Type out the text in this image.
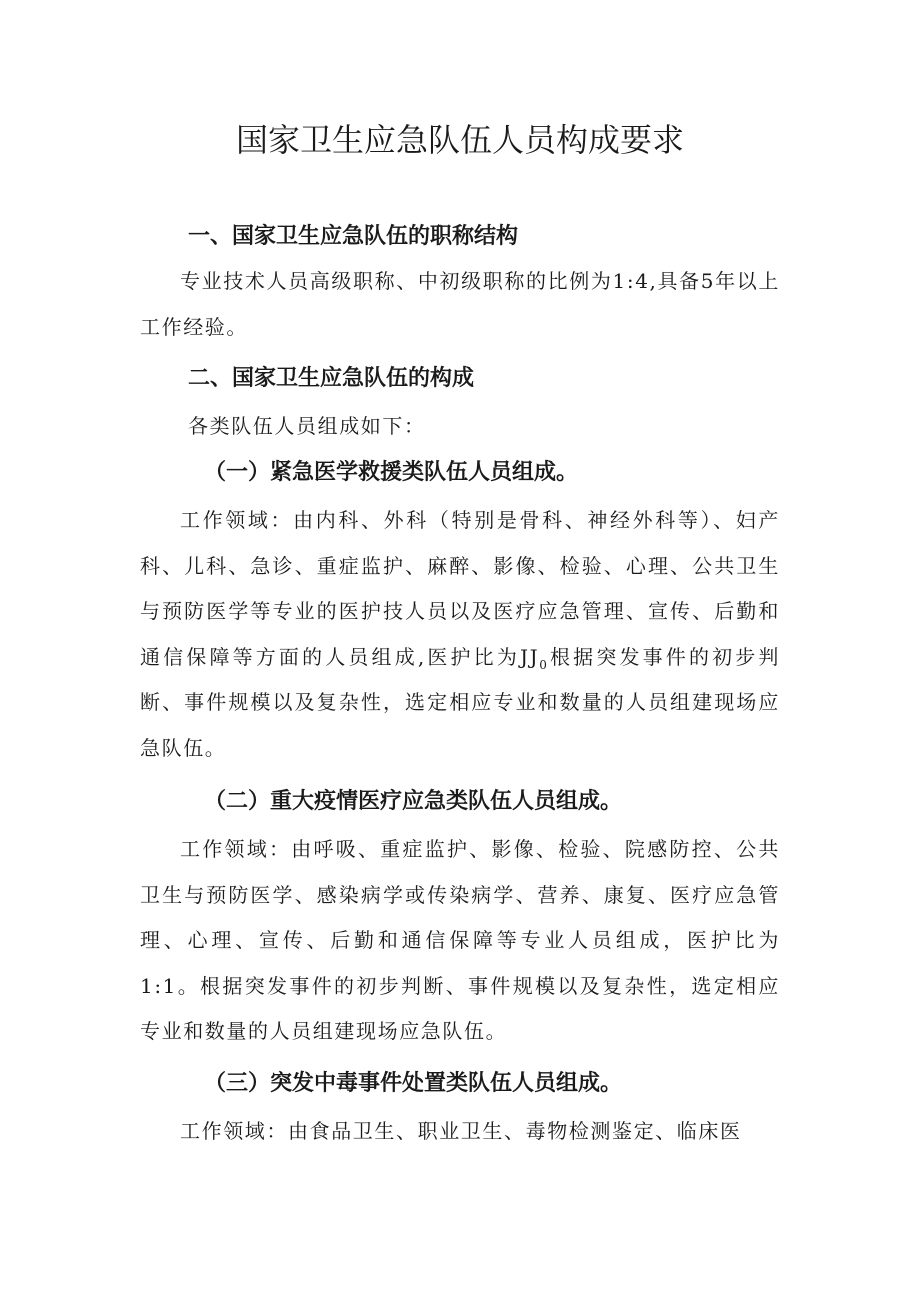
国家卫生应急队伍人员构成要求
一、国家卫生应急队伍的职称结构

专业技术人员高级职称、中初级职称的比例为1:4,具备5年以上工作经验。

二、国家卫生应急队伍的构成

各类队伍人员组成如下：

（一）紧急医学救援类队伍人员组成。

工作领域：由内科、外科（特别是骨科、神经外科等）、妇产科、儿科、急诊、重症监护、麻醉、影像、检验、心理、公共卫生与预防医学等专业的医护技人员以及医疗应急管理、宣传、后勤和通信保障等方面的人员组成,医护比为$JJ_0$根据突发事件的初步判断、事件规模以及复杂性，选定相应专业和数量的人员组建现场应急队伍。

（二）重大疫情医疗应急类队伍人员组成。

工作领域：由呼吸、重症监护、影像、检验、院感防控、公共卫生与预防医学、感染病学或传染病学、营养、康复、医疗应急管理、心理、宣传、后勤和通信保障等专业人员组成，医护比为1:1。根据突发事件的初步判断、事件规模以及复杂性，选定相应专业和数量的人员组建现场应急队伍。

（三）突发中毒事件处置类队伍人员组成。

工作领域：由食品卫生、职业卫生、毒物检测鉴定、临床医
